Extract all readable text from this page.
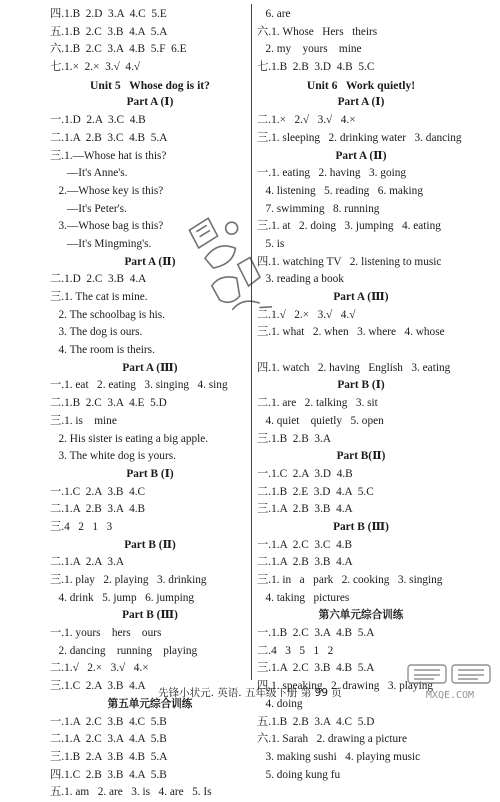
四.1.B  2.D  3.A  4.C  5.E
五.1.B  2.C  3.B  4.A  5.A
六.1.B  2.C  3.A  4.B  5.F  6.E
七.1.×  2.×  3.√  4.√
Unit 5   Whose dog is it?
Part A (Ⅰ)
一.1.D  2.A  3.C  4.B
二.1.A  2.B  3.C  4.B  5.A
三.1.—Whose hat is this?
—It's Anne's.
2.—Whose key is this?
—It's Peter's.
3.—Whose bag is this?
—It's Mingming's.
Part A (Ⅱ)
二.1.D  2.C  3.B  4.A
三.1. The cat is mine.
2. The schoolbag is his.
3. The dog is ours.
4. The room is theirs.
Part A (Ⅲ)
一.1. eat   2. eating   3. singing   4. sing
二.1.B  2.C  3.A  4.E  5.D
三.1. is    mine
2. His sister is eating a big apple.
3. The white dog is yours.
Part B (Ⅰ)
一.1.C  2.A  3.B  4.C
二.1.A  2.B  3.A  4.B
三.4   2   1   3
Part B (Ⅱ)
二.1.A  2.A  3.A
三.1. play   2. playing   3. drinking
4. drink   5. jump   6. jumping
Part B (Ⅲ)
一.1. yours    hers    ours
2. dancing    running    playing
二.1.√   2.×   3.√   4.×
三.1.C  2.A  3.B  4.A
第五单元综合训练
一.1.A  2.C  3.B  4.C  5.B
二.1.A  2.C  3.A  4.A  5.B
三.1.B  2.A  3.B  4.B  5.A
四.1.C  2.B  3.B  4.A  5.B
五.1. am   2. are   3. is   4. are   5. Is
6. are
六.1. Whose   Hers   theirs
2. my    yours    mine
七.1.B  2.B  3.D  4.B  5.C
Unit 6   Work quietly!
Part A (Ⅰ)
二.1.×   2.√   3.√   4.×
三.1. sleeping   2. drinking water   3. dancing
Part A (Ⅱ)
一.1. eating   2. having   3. going
4. listening   5. reading   6. making
7. swimming   8. running
三.1. at   2. doing   3. jumping   4. eating
5. is
四.1. watching TV   2. listening to music
3. reading a book
Part A (Ⅲ)
二.1.√   2.×   3.√   4.√
三.1. what   2. when   3. where   4. whose
四.1. watch   2. having   English   3. eating
Part B (Ⅰ)
二.1. are   2. talking   3. sit
4. quiet    quietly   5. open
三.1.B  2.B  3.A
Part B(Ⅱ)
一.1.C  2.A  3.D  4.B
二.1.B  2.E  3.D  4.A  5.C
三.1.A  2.B  3.B  4.A
Part B (Ⅲ)
一.1.A  2.C  3.C  4.B
二.1.A  2.B  3.B  4.A
三.1. in   a   park   2. cooking   3. singing
4. taking   pictures
第六单元综合训练
一.1.B  2.C  3.A  4.B  5.A
二.4   3   5   1   2
三.1.A  2.C  3.B  4.B  5.A
四.1. speaking   2. drawing   3. playing
4. doing
五.1.B  2.B  3.A  4.C  5.D
六.1. Sarah   2. drawing a picture
3. making sushi   4. playing music
5. doing kung fu
MXQE.COM
先锋小状元. 英语. 五年级下册 第 99 页
